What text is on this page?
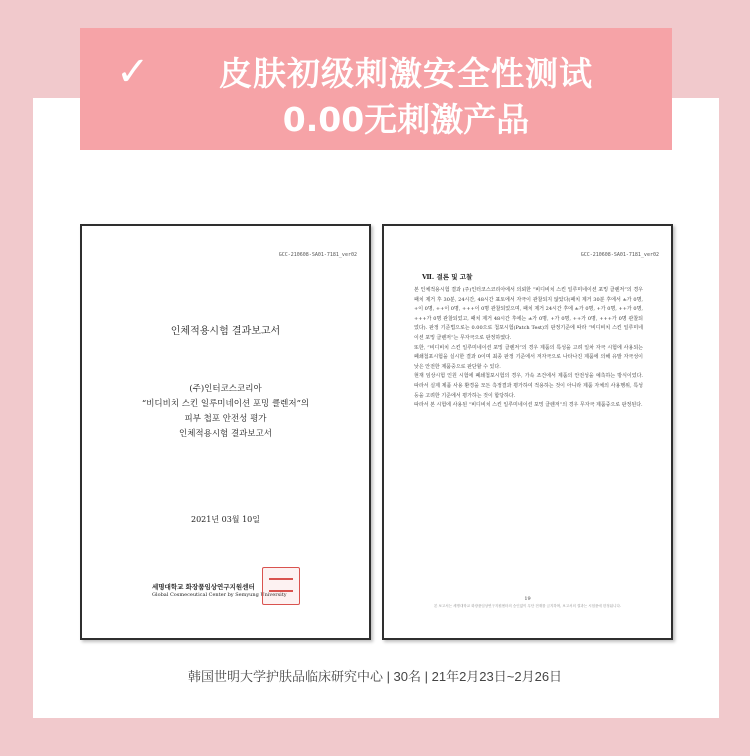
✓	皮肤初级刺激安全性测试
0.00无刺激产品
GCC-210608-SA01-7181_ver02
인체적용시험 결과보고서
(주)인터코스코리아
“비디비치 스킨 일루미네이션 포밍 클렌저”의
피부 첩포 안전성 평가
인체적용시험 결과보고서
2021년 03월 10일
세명대학교 화장품임상연구지원센터
Global Cosmeceutical Center by Semyung University
GCC-210608-SA01-7181_ver02
Ⅶ. 결론 및 고찰
본 인체적용시험 결과 (주)인터코스코리아에서 의뢰한 “비디비치 스킨 일루미네이션 포밍 클렌저”의 경우 패치 제거 후 30분, 24시간, 48시간 표토에서 자극이 관찰되지 않았다(패치 제거 30분 후에서 ±가 0명, +이 0명, ++이 0명, +++이 0명 관찰되었으며, 패치 제거 24시간 후에 ±가 0명, +가 0명, ++가 0명, +++가 0명 관찰되었고, 패치 제거 48시간 후에는 ±가 0명, +가 0명, ++가 0명, +++가 0명 관찰되었다). 판정 기준법으로는 0.00으로 첩포시험(Patch Test)의 판정기준에 따라 “비디비치 스킨 일루미네이션 포밍 클렌저”는 무자극으로 판정하였다.
또한, “비디비치 스킨 일루미네이션 포밍 클렌저”의 경우 제품의 특성을 고려 일차 자극 시험에 사용되는 폐쇄첩포시험을 실시한 결과 0이며 최종 판정 기준에서 저자극으로 나타나진 제품에 의해 유발 자극성이 낮은 안전한 제품중으로 판단할 수 있다.
현재 임상시험 인원 시험에 폐쇄첩포시험의 경우, 가속 조건에서 제품의 안전성을 예측하는 방식이었다. 따라서 실제 제품 사용 환경을 모든 측정결과 평가하여 적용하는 것이 아니라 제품 자체의 사용행위, 특성 등을 고려한 기준에서 평가하는 것이 합당하다.
따라서 본 시험에 사용된 “비디비치 스킨 일루미네이션 포밍 클렌저”의 경우 무자극 제품중으로 판정된다.
19
본 보고서는 세명대학교 화장품임상연구지원센터의 승인없이 무단 전재를 금지하며, 보고서의 결과는 시험품에 한정됩니다.
韩国世明大学护肤品临床研究中心 | 30名 | 21年2月23日~2月26日
